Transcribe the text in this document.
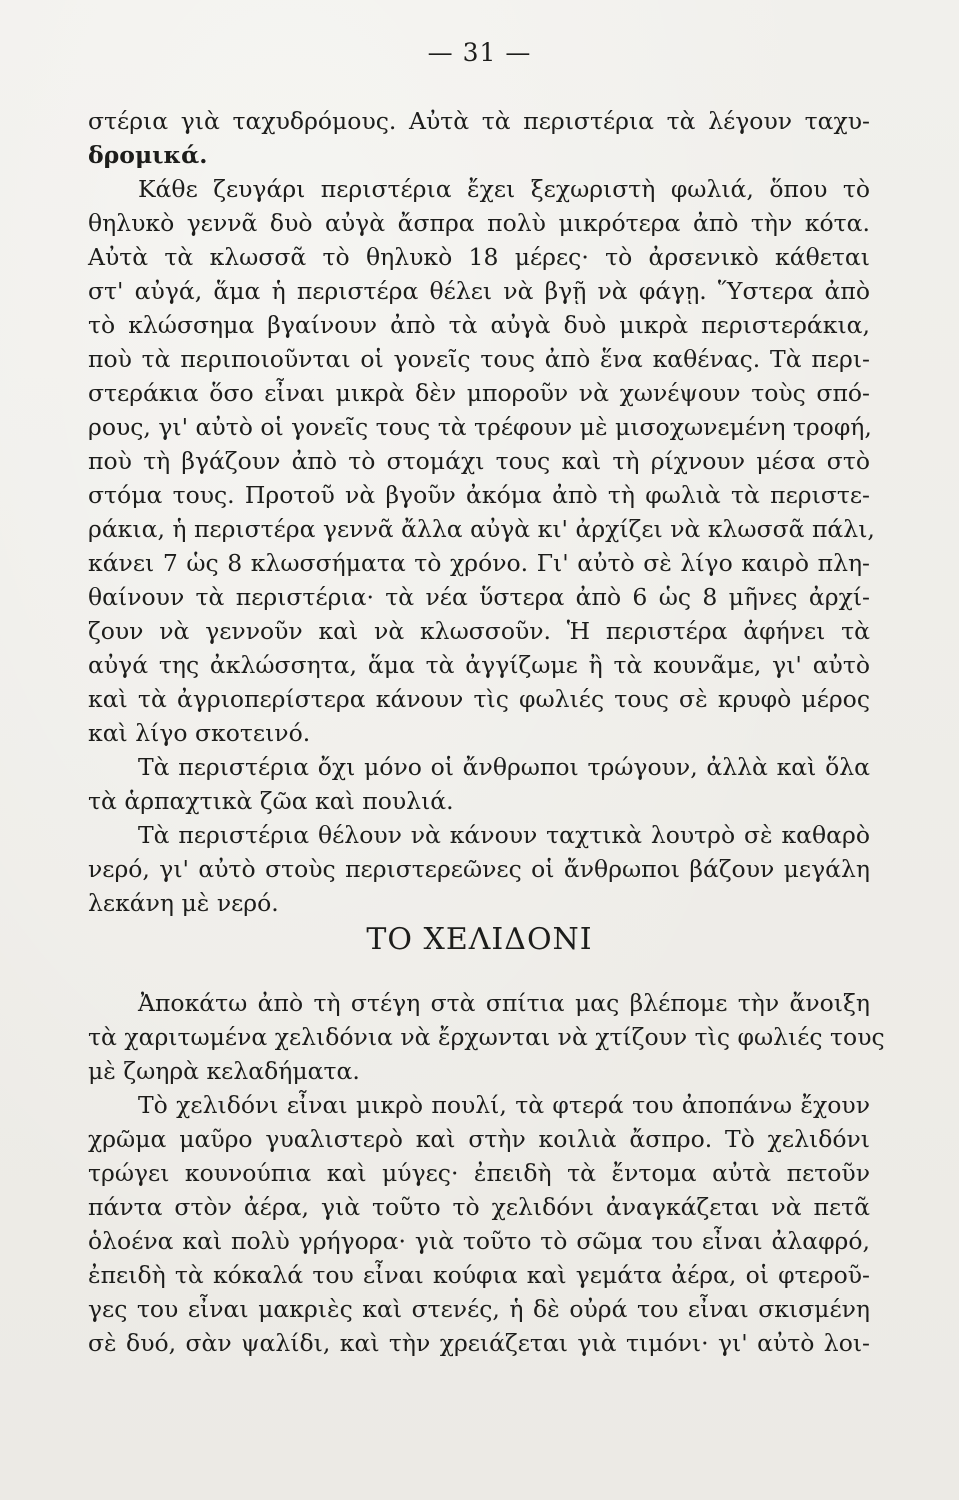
— 31 —
στέρια γιὰ ταχυδρόμους. Αὐτὰ τὰ περιστέρια τὰ λέγουν ταχυ-
δρομικά.
Κάθε ζευγάρι περιστέρια ἔχει ξεχωριστὴ φωλιά, ὅπου τὸ
θηλυκὸ γεννᾶ δυὸ αὐγὰ ἄσπρα πολὺ μικρότερα ἀπὸ τὴν κότα.
Αὐτὰ τὰ κλωσσᾶ τὸ θηλυκὸ 18 μέρες· τὸ ἀρσενικὸ κάθεται
στ' αὐγά, ἅμα ἡ περιστέρα θέλει νὰ βγῇ νὰ φάγῃ. Ὕστερα ἀπὸ
τὸ κλώσσημα βγαίνουν ἀπὸ τὰ αὐγὰ δυὸ μικρὰ περιστεράκια,
ποὺ τὰ περιποιοῦνται οἱ γονεῖς τους ἀπὸ ἕνα καθένας. Τὰ περι-
στεράκια ὅσο εἶναι μικρὰ δὲν μποροῦν νὰ χωνέψουν τοὺς σπό-
ρους, γι' αὐτὸ οἱ γονεῖς τους τὰ τρέφουν μὲ μισοχωνεμένη τροφή,
ποὺ τὴ βγάζουν ἀπὸ τὸ στομάχι τους καὶ τὴ ρίχνουν μέσα στὸ
στόμα τους. Προτοῦ νὰ βγοῦν ἀκόμα ἀπὸ τὴ φωλιὰ τὰ περιστε-
ράκια, ἡ περιστέρα γεννᾶ ἄλλα αὐγὰ κι' ἀρχίζει νὰ κλωσσᾶ πάλι,
κάνει 7 ὡς 8 κλωσσήματα τὸ χρόνο. Γι' αὐτὸ σὲ λίγο καιρὸ πλη-
θαίνουν τὰ περιστέρια· τὰ νέα ὕστερα ἀπὸ 6 ὡς 8 μῆνες ἀρχί-
ζουν νὰ γεννοῦν καὶ νὰ κλωσσοῦν. Ἡ περιστέρα ἀφήνει τὰ
αὐγά της ἀκλώσσητα, ἅμα τὰ ἀγγίζωμε ἢ τὰ κουνᾶμε, γι' αὐτὸ
καὶ τὰ ἀγριοπερίστερα κάνουν τὶς φωλιές τους σὲ κρυφὸ μέρος
καὶ λίγο σκοτεινό.
Τὰ περιστέρια ὄχι μόνο οἱ ἄνθρωποι τρώγουν, ἀλλὰ καὶ ὅλα
τὰ ἁρπαχτικὰ ζῶα καὶ πουλιά.
Τὰ περιστέρια θέλουν νὰ κάνουν ταχτικὰ λουτρὸ σὲ καθαρὸ
νερό, γι' αὐτὸ στοὺς περιστερεῶνες οἱ ἄνθρωποι βάζουν μεγάλη
λεκάνη μὲ νερό.
ΤΟ ΧΕΛΙΔΟΝΙ
Ἀποκάτω ἀπὸ τὴ στέγη στὰ σπίτια μας βλέπομε τὴν ἄνοιξη
τὰ χαριτωμένα χελιδόνια νὰ ἔρχωνται νὰ χτίζουν τὶς φωλιές τους
μὲ ζωηρὰ κελαδήματα.
Τὸ χελιδόνι εἶναι μικρὸ πουλί, τὰ φτερά του ἀποπάνω ἔχουν
χρῶμα μαῦρο γυαλιστερὸ καὶ στὴν κοιλιὰ ἄσπρο. Τὸ χελιδόνι
τρώγει κουνούπια καὶ μύγες· ἐπειδὴ τὰ ἔντομα αὐτὰ πετοῦν
πάντα στὸν ἀέρα, γιὰ τοῦτο τὸ χελιδόνι ἀναγκάζεται νὰ πετᾶ
ὁλοένα καὶ πολὺ γρήγορα· γιὰ τοῦτο τὸ σῶμα του εἶναι ἀλαφρό,
ἐπειδὴ τὰ κόκαλά του εἶναι κούφια καὶ γεμάτα ἀέρα, οἱ φτεροῦ-
γες του εἶναι μακριὲς καὶ στενές, ἡ δὲ οὐρά του εἶναι σκισμένη
σὲ δυό, σὰν ψαλίδι, καὶ τὴν χρειάζεται γιὰ τιμόνι· γι' αὐτὸ λοι-
